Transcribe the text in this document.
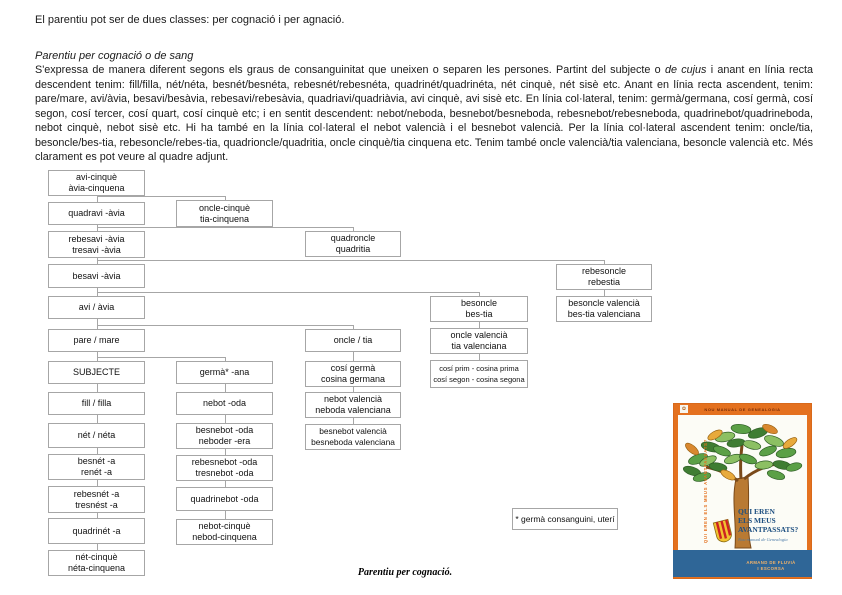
El parentiu pot ser de dues classes: per cognació i per agnació.
Parentiu per cognació o de sang
S'expressa de manera diferent segons els graus de consanguinitat que uneixen o separen les persones. Partint del subjecte o de cujus i anant en línia recta descendent tenim: fill/filla, nét/néta, besnét/besnéta, rebesnét/rebesnéta, quadrinét/quadrinéta, nét cinquè, nét sisè etc. Anant en línia recta ascendent, tenim: pare/mare, avi/àvia, besavi/besàvia, rebesavi/rebesàvia, quadriavi/quadriàvia, avi cinquè, avi sisè etc. En línia col·lateral, tenim: germà/germana, cosí germà, cosí segon, cosí tercer, cosí quart, cosí cinquè etc; i en sentit descendent: nebot/neboda, besnebot/besneboda, rebesnebot/rebesneboda, quadrinebot/quadrineboda, nebot cinquè, nebot sisè etc. Hi ha també en la línia col·lateral el nebot valencià i el besnebot valencià. Per la línia col·lateral ascendent tenim: oncle/tia, besoncle/bes-tia, rebesoncle/rebes-tia, quadrioncle/quadritia, oncle cinquè/tia cinquena etc. Tenim també oncle valencià/tia valenciana, besoncle valencià etc. Més clarament es pot veure al quadre adjunt.
avi-cinquè
àvia-cinquena
quadravi -àvia
rebesavi -àvia
tresavi -àvia
besavi -àvia
avi / àvia
pare / mare
SUBJECTE
fill / filla
nét / néta
besnét -a
renét -a
rebesnét -a
tresnést -a
quadrinét -a
nét-cinquè
néta-cinquena
oncle-cinquè
tia-cinquena
germà* -ana
nebot -oda
besnebot -oda
neboder -era
rebesnebot -oda
tresnebot -oda
quadrinebot -oda
nebot-cinquè
nebod-cinquena
quadroncle
quadritia
oncle / tia
cosí germà
cosina germana
nebot valencià
neboda valenciana
besnebot valencià
besneboda valenciana
besoncle
bes-tia
oncle valencià
tia valenciana
cosí prim - cosina prima
cosí segon - cosina segona
rebesoncle
rebestia
besoncle valencià
bes-tia valenciana
* germà consanguini, uterí
Parentiu per cognació.
NOU MANUAL DE GENEALOGIA
✿
QUI EREN
ELS MEUS
AVANTPASSATS?
Nou manual de Genealogia
ARMAND DE FLUVIÀ
I ESCORSA
QUI EREN ELS MEUS AVANTPASSATS?
